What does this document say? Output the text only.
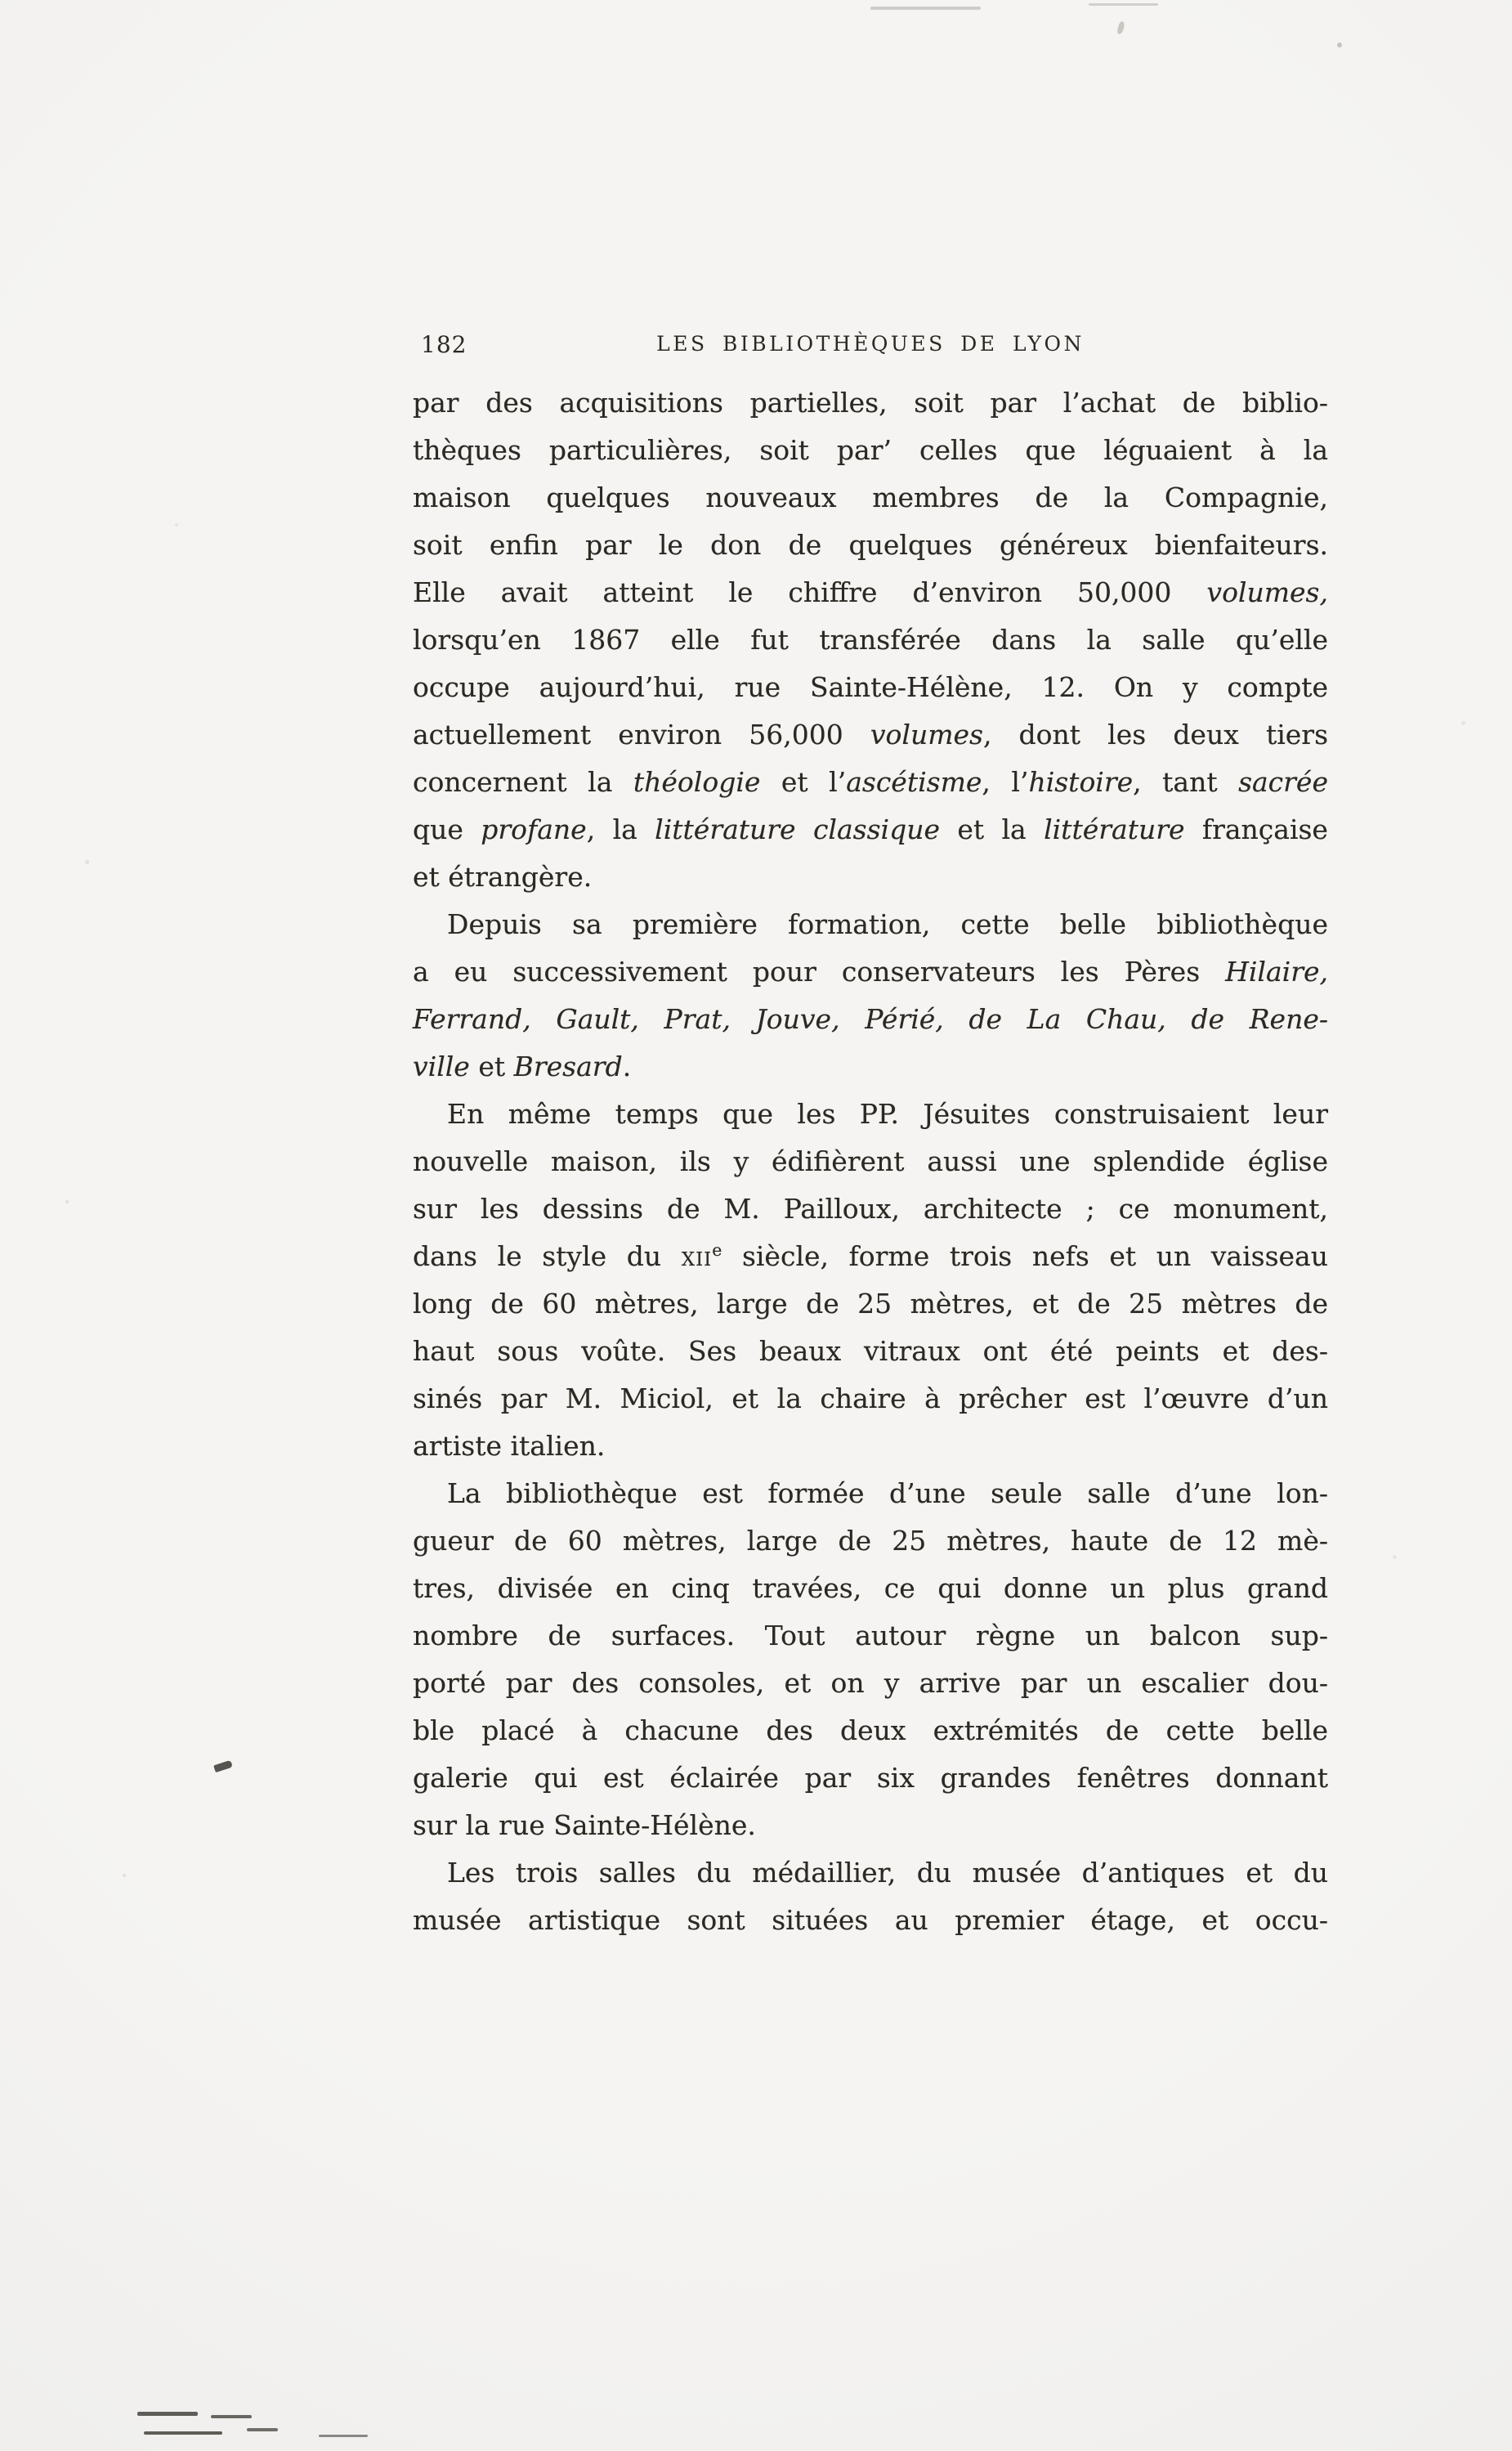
182	LES BIBLIOTHÈQUES DE LYON
par des acquisitions partielles, soit par l’achat de biblio-
thèques particulières, soit par’ celles que léguaient à la
maison quelques nouveaux membres de la Compagnie,
soit enfin par le don de quelques généreux bienfaiteurs.
Elle avait atteint le chiffre d’environ 50,000 volumes,
lorsqu’en 1867 elle fut transférée dans la salle qu’elle
occupe aujourd’hui, rue Sainte-Hélène, 12. On y compte
actuellement environ 56,000 volumes, dont les deux tiers
concernent la théologie et l’ascétisme, l’histoire, tant sacrée
que profane, la littérature classique et la littérature française
et étrangère.
Depuis sa première formation, cette belle bibliothèque
a eu successivement pour conservateurs les Pères Hilaire,
Ferrand, Gault, Prat, Jouve, Périé, de La Chau, de Rene-
ville et Bresard.
En même temps que les PP. Jésuites construisaient leur
nouvelle maison, ils y édifièrent aussi une splendide église
sur les dessins de M. Pailloux, architecte ; ce monument,
dans le style du xii$^e$ siècle, forme trois nefs et un vaisseau
long de 60 mètres, large de 25 mètres, et de 25 mètres de
haut sous voûte. Ses beaux vitraux ont été peints et des-
sinés par M. Miciol, et la chaire à prêcher est l’œuvre d’un
artiste italien.
La bibliothèque est formée d’une seule salle d’une lon-
gueur de 60 mètres, large de 25 mètres, haute de 12 mè-
tres, divisée en cinq travées, ce qui donne un plus grand
nombre de surfaces. Tout autour règne un balcon sup-
porté par des consoles, et on y arrive par un escalier dou-
ble placé à chacune des deux extrémités de cette belle
galerie qui est éclairée par six grandes fenêtres donnant
sur la rue Sainte-Hélène.
Les trois salles du médaillier, du musée d’antiques et du
musée artistique sont situées au premier étage, et occu-
